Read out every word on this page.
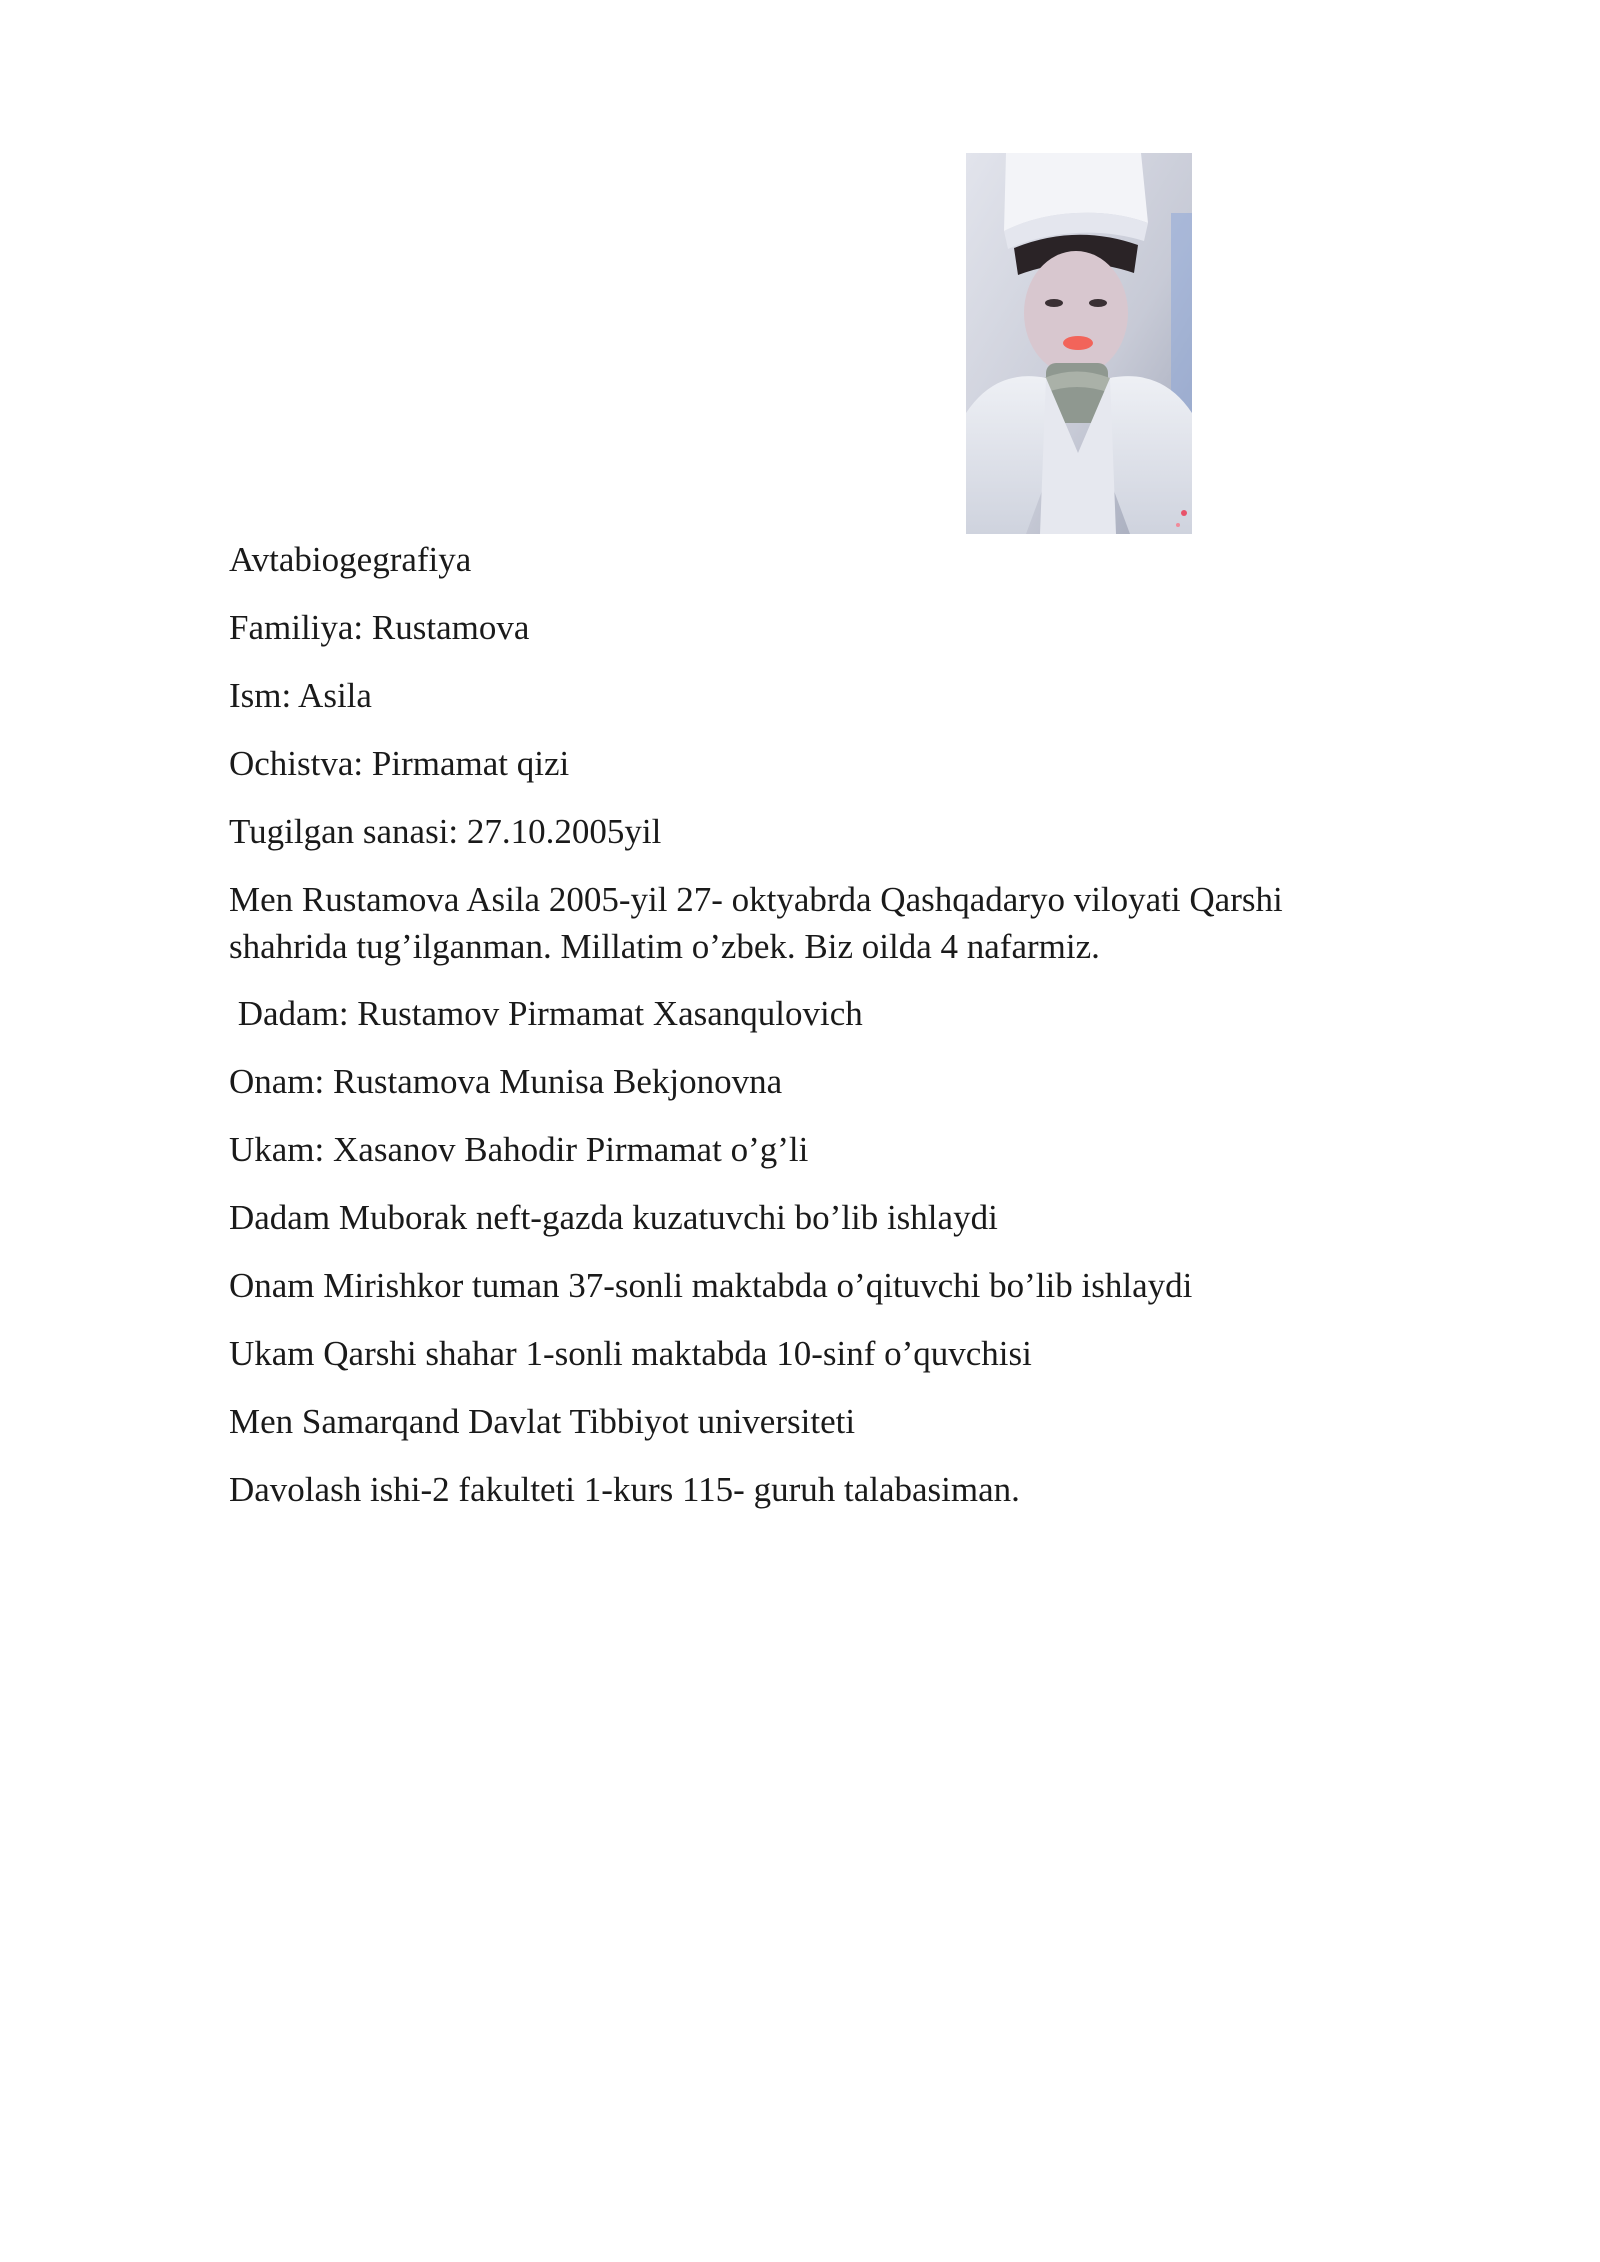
Avtabiogegrafiya
Familiya: Rustamova
Ism: Asila
Ochistva: Pirmamat qizi
Tugilgan sanasi: 27.10.2005yil
Men Rustamova Asila 2005-yil 27- oktyabrda Qashqadaryo viloyati Qarshi shahrida tug’ilganman. Millatim o’zbek. Biz oilda 4 nafarmiz.
Dadam: Rustamov Pirmamat Xasanqulovich
Onam: Rustamova Munisa Bekjonovna
Ukam: Xasanov Bahodir Pirmamat o’g’li
Dadam Muborak neft-gazda kuzatuvchi bo’lib ishlaydi
Onam Mirishkor tuman 37-sonli maktabda o’qituvchi bo’lib ishlaydi
Ukam Qarshi shahar 1-sonli maktabda 10-sinf o’quvchisi
Men Samarqand Davlat Tibbiyot universiteti
Davolash ishi-2 fakulteti 1-kurs 115- guruh talabasiman.
